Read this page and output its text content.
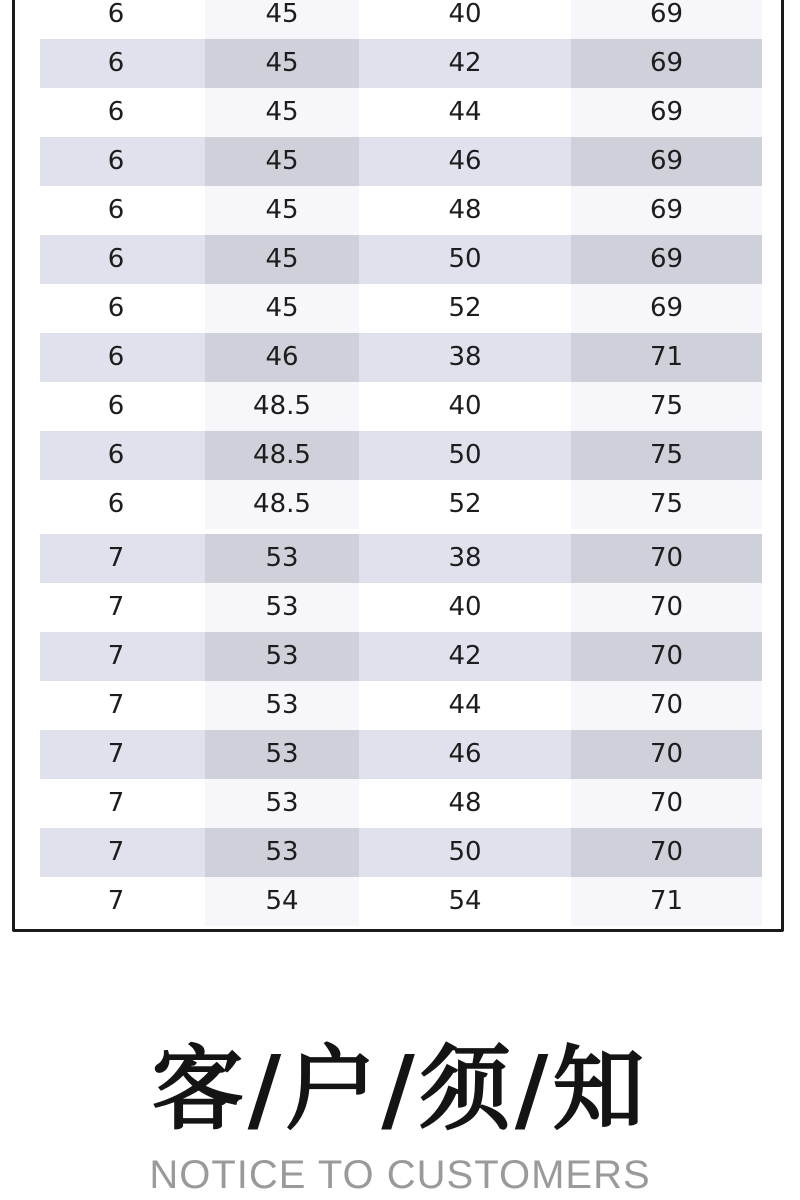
6	45	40	69
6	45	42	69
6	45	44	69
6	45	46	69
6	45	48	69
6	45	50	69
6	45	52	69
6	46	38	71
6	48.5	40	75
6	48.5	50	75
6	48.5	52	75
7	53	38	70
7	53	40	70
7	53	42	70
7	53	44	70
7	53	46	70
7	53	48	70
7	53	50	70
7	54	54	71
客/户/须/知
NOTICE TO CUSTOMERS
